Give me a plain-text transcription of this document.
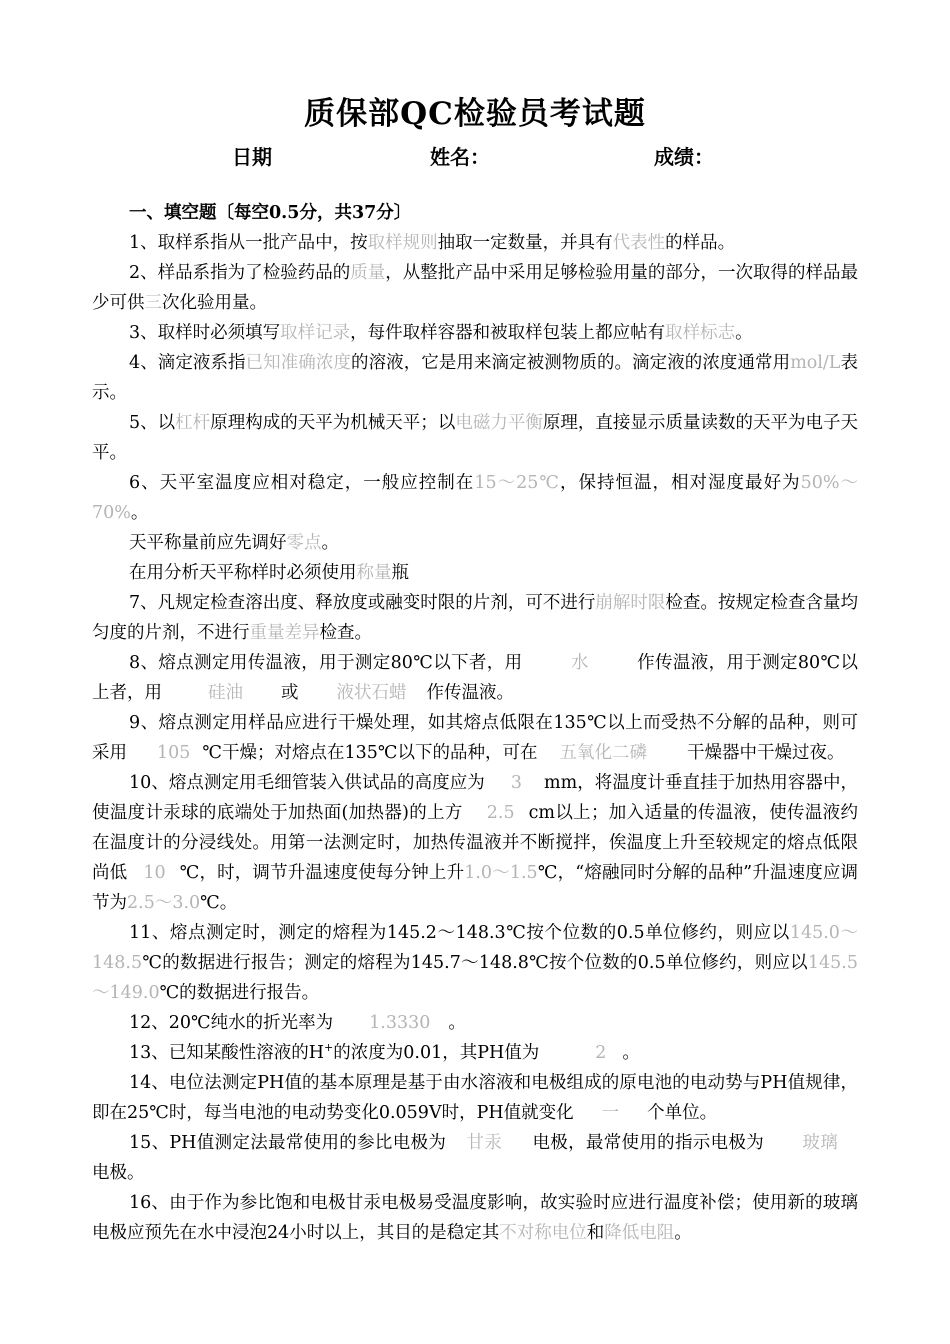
质保部QC检验员考试题
日期	姓名：	成绩：

一、填空题〔每空0.5分，共37分〕

1、取样系指从一批产品中，按取样规则抽取一定数量，并具有代表性的样品。

2、样品系指为了检验药品的质量，从整批产品中采用足够检验用量的部分，一次取得的样品最少可供三次化验用量。

3、取样时必须填写取样记录，每件取样容器和被取样包装上都应帖有取样标志。

4、滴定液系指已知准确浓度的溶液，它是用来滴定被测物质的。滴定液的浓度通常用mol/L表示。

5、以杠杆原理构成的天平为机械天平；以电磁力平衡原理，直接显示质量读数的天平为电子天平。

6、天平室温度应相对稳定，一般应控制在15～25℃，保持恒温，相对湿度最好为50%～70%。

天平称量前应先调好零点。

在用分析天平称样时必须使用称量瓶

7、凡规定检查溶出度、释放度或融变时限的片剂，可不进行崩解时限检查。按规定检查含量均匀度的片剂，不进行重量差异检查。

8、熔点测定用传温液，用于测定80℃以下者，用	水	作传温液，用于测定80℃以上者，用	硅油 或 液状石蜡 作传温液。

9、熔点测定用样品应进行干燥处理，如其熔点低限在135℃以上而受热不分解的品种，则可采用 105 ℃干燥；对熔点在135℃以下的品种，可在 五氧化二磷 干燥器中干燥过夜。

10、熔点测定用毛细管装入供试品的高度应为 3 mm，将温度计垂直挂于加热用容器中，使温度计汞球的底端处于加热面(加热器)的上方 2.5 cm以上；加入适量的传温液，使传温液约在温度计的分浸线处。用第一法测定时，加热传温液并不断搅拌，俟温度上升至较规定的熔点低限尚低 10 ℃，时，调节升温速度使每分钟上升1.0～1.5℃，“熔融同时分解的品种”升温速度应调节为2.5～3.0℃。

11、熔点测定时，测定的熔程为145.2～148.3℃按个位数的0.5单位修约，则应以145.0～148.5℃的数据进行报告；测定的熔程为145.7～148.8℃按个位数的0.5单位修约，则应以145.5～149.0℃的数据进行报告。

12、20℃纯水的折光率为 1.3330 。

13、已知某酸性溶液的H+的浓度为0.01，其PH值为	2 。

14、电位法测定PH值的基本原理是基于由水溶液和电极组成的原电池的电动势与PH值规律，即在25℃时，每当电池的电动势变化0.059V时，PH值就变化 一 个单位。

15、PH值测定法最常使用的参比电极为 甘汞 电极，最常使用的指示电极为 玻璃电极。

16、由于作为参比饱和电极甘汞电极易受温度影响，故实验时应进行温度补偿；使用新的玻璃电极应预先在水中浸泡24小时以上，其目的是稳定其不对称电位和降低电阻。
